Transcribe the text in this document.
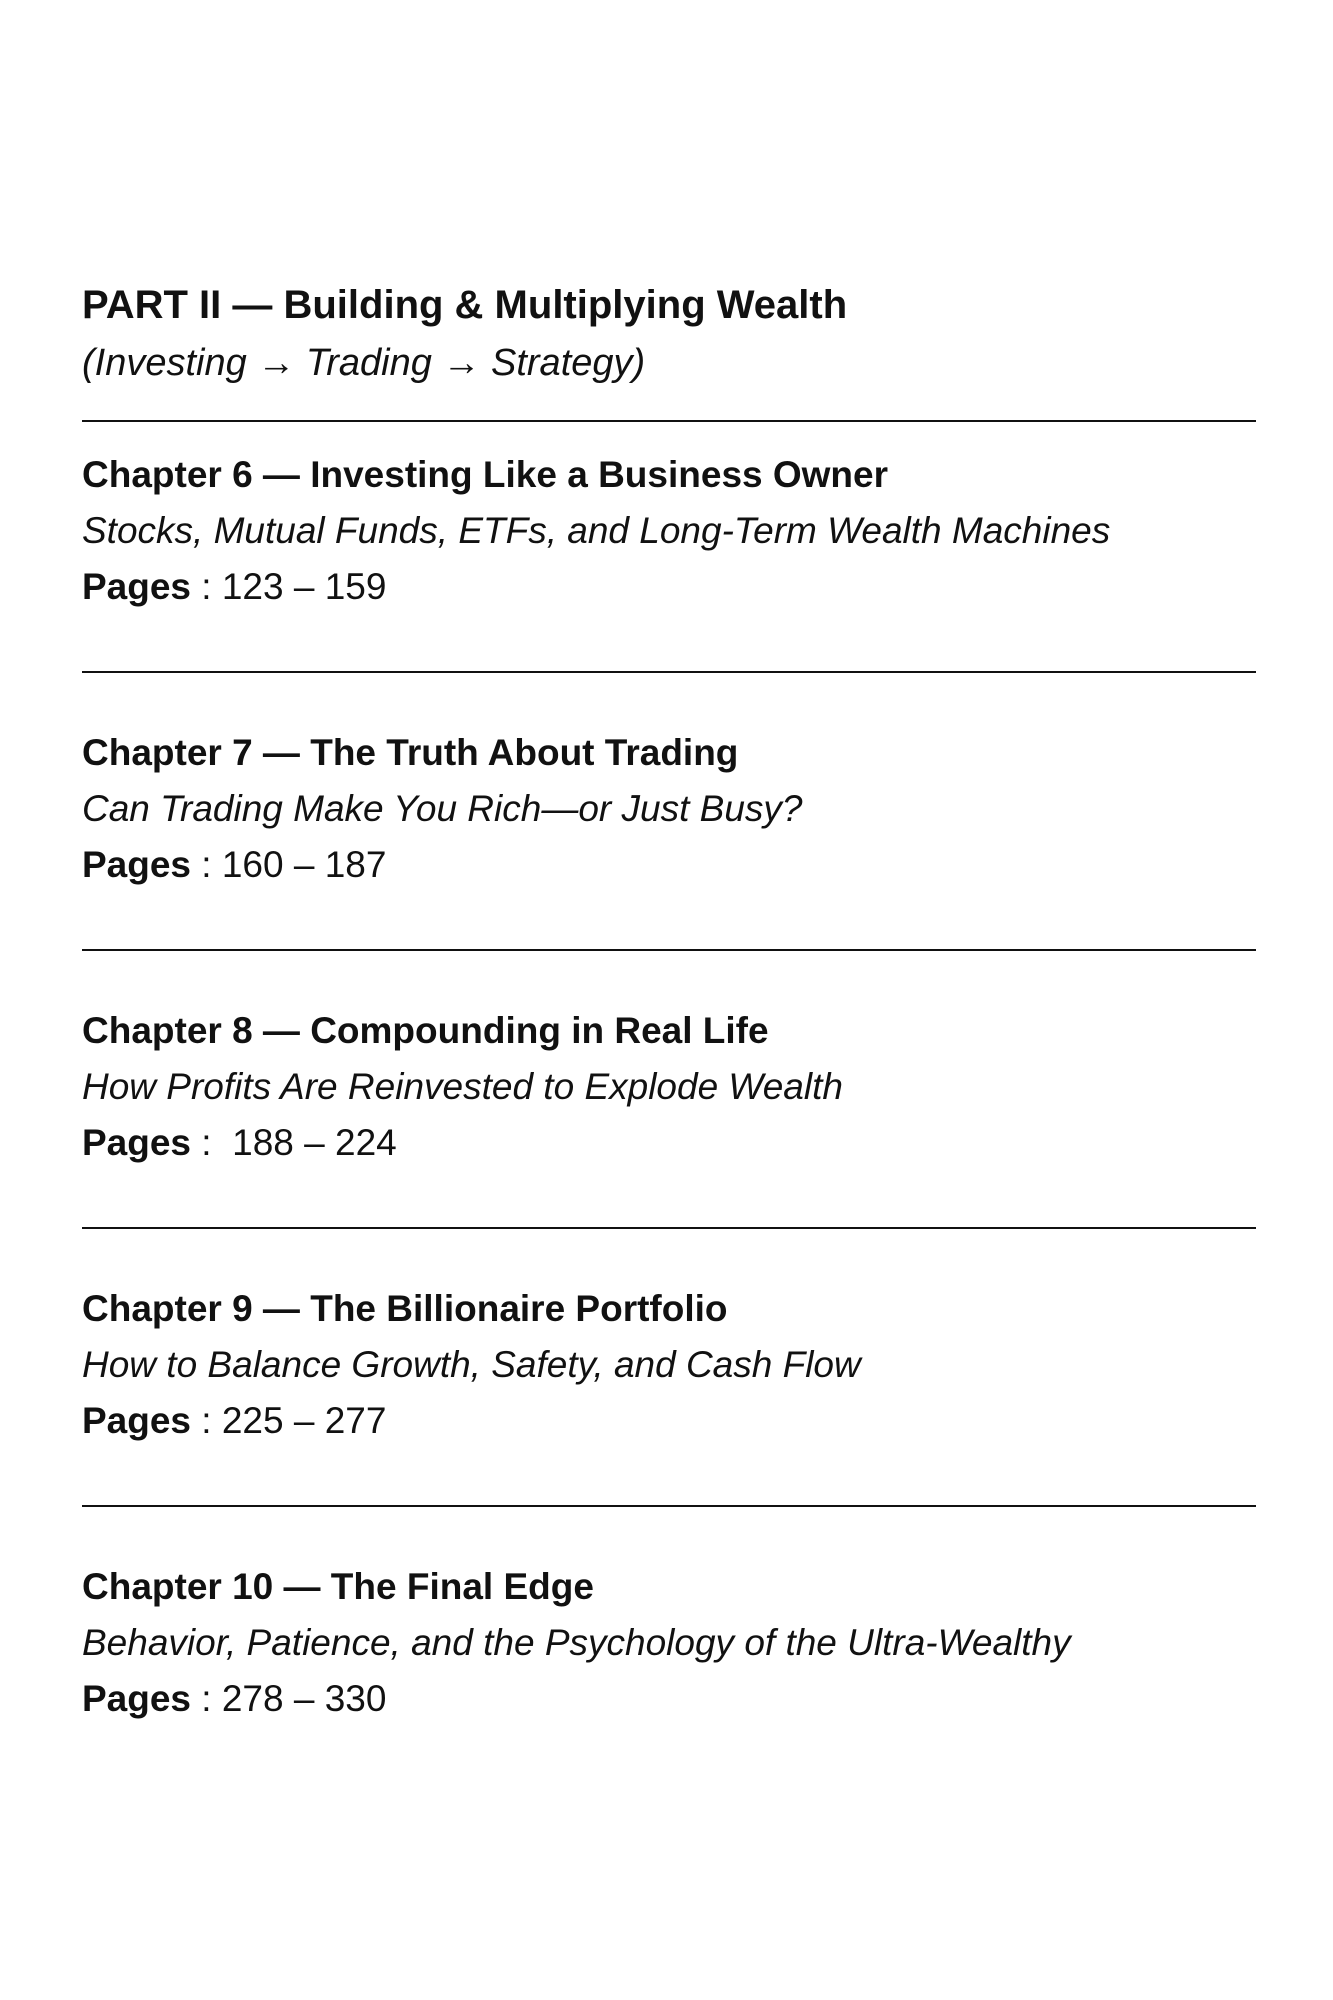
PART II — Building & Multiplying Wealth

(Investing → Trading → Strategy)

Chapter 6 — Investing Like a Business Owner

Stocks, Mutual Funds, ETFs, and Long-Term Wealth Machines

Pages : 123 – 159

Chapter 7 — The Truth About Trading

Can Trading Make You Rich—or Just Busy?

Pages : 160 – 187

Chapter 8 — Compounding in Real Life

How Profits Are Reinvested to Explode Wealth

Pages :  188 – 224

Chapter 9 — The Billionaire Portfolio

How to Balance Growth, Safety, and Cash Flow

Pages : 225 – 277

Chapter 10 — The Final Edge

Behavior, Patience, and the Psychology of the Ultra-Wealthy

Pages : 278 – 330
